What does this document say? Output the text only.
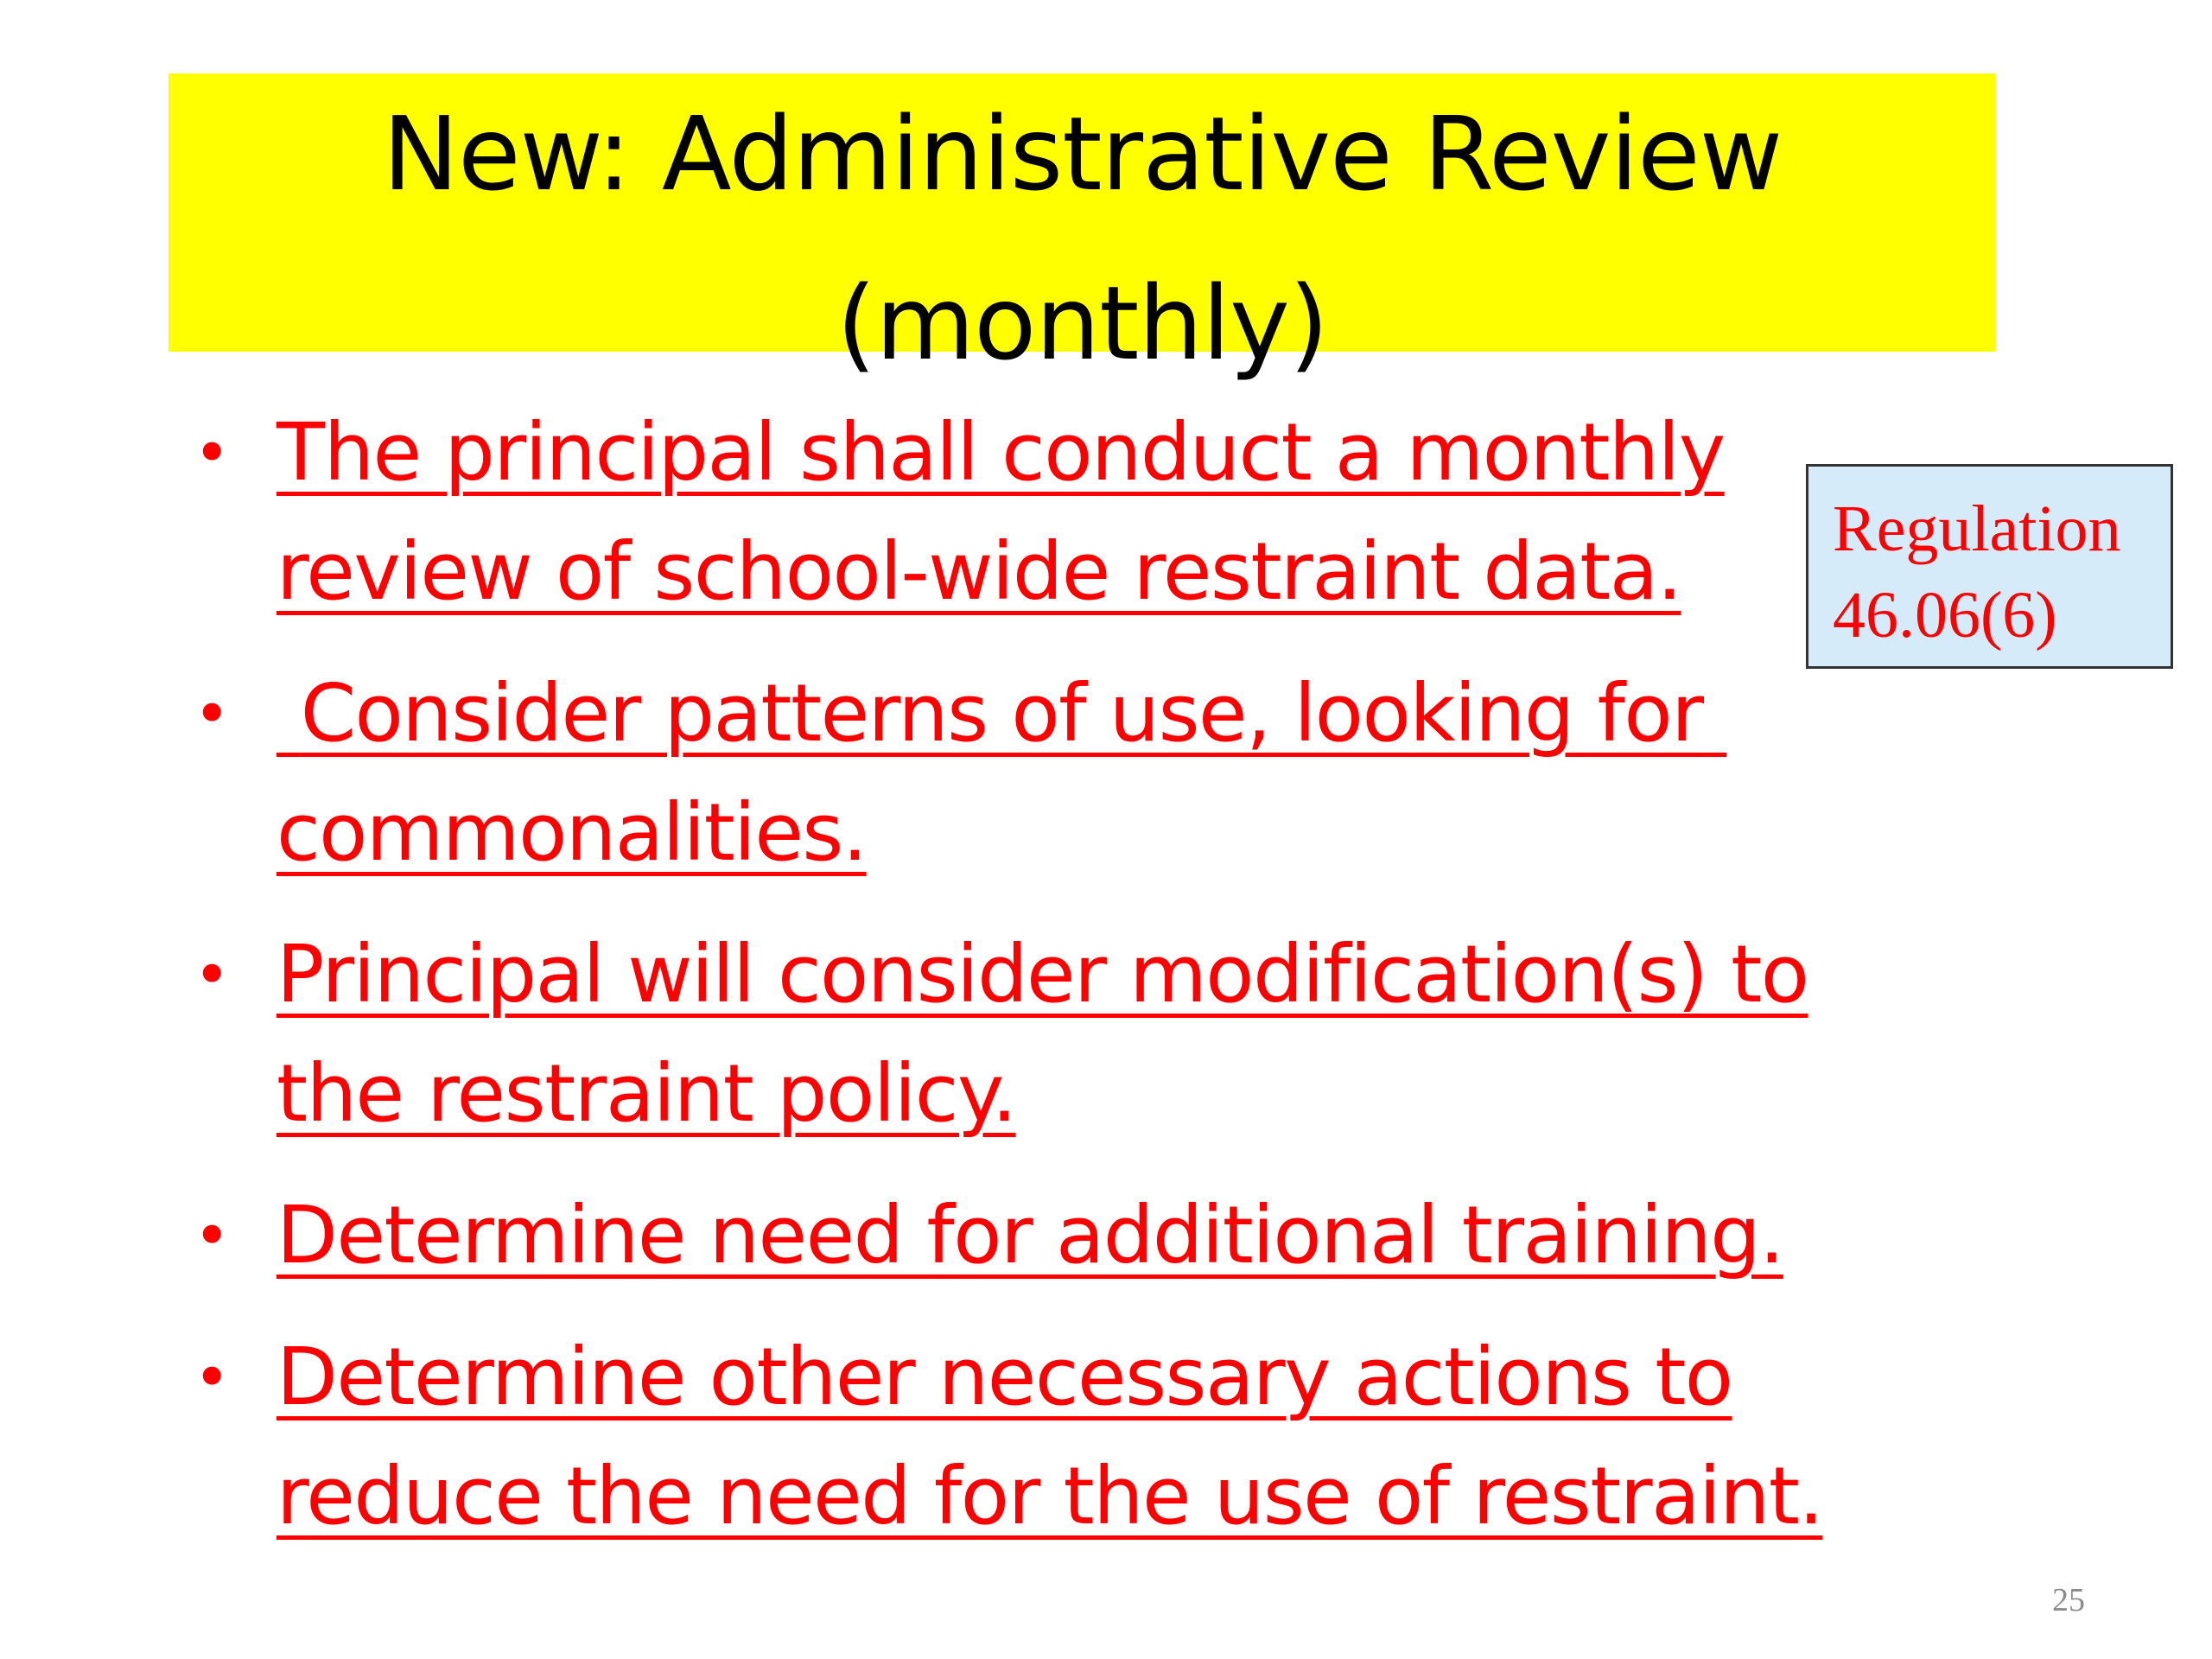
New: Administrative Review
(monthly)
• The principal shall conduct a monthly review of school-wide restraint data.
• Consider patterns of use, looking for commonalities.
• Principal will consider modification(s) to the restraint policy.
• Determine need for additional training.
• Determine other necessary actions to reduce the need for the use of restraint.
Regulation
46.06(6)
25
